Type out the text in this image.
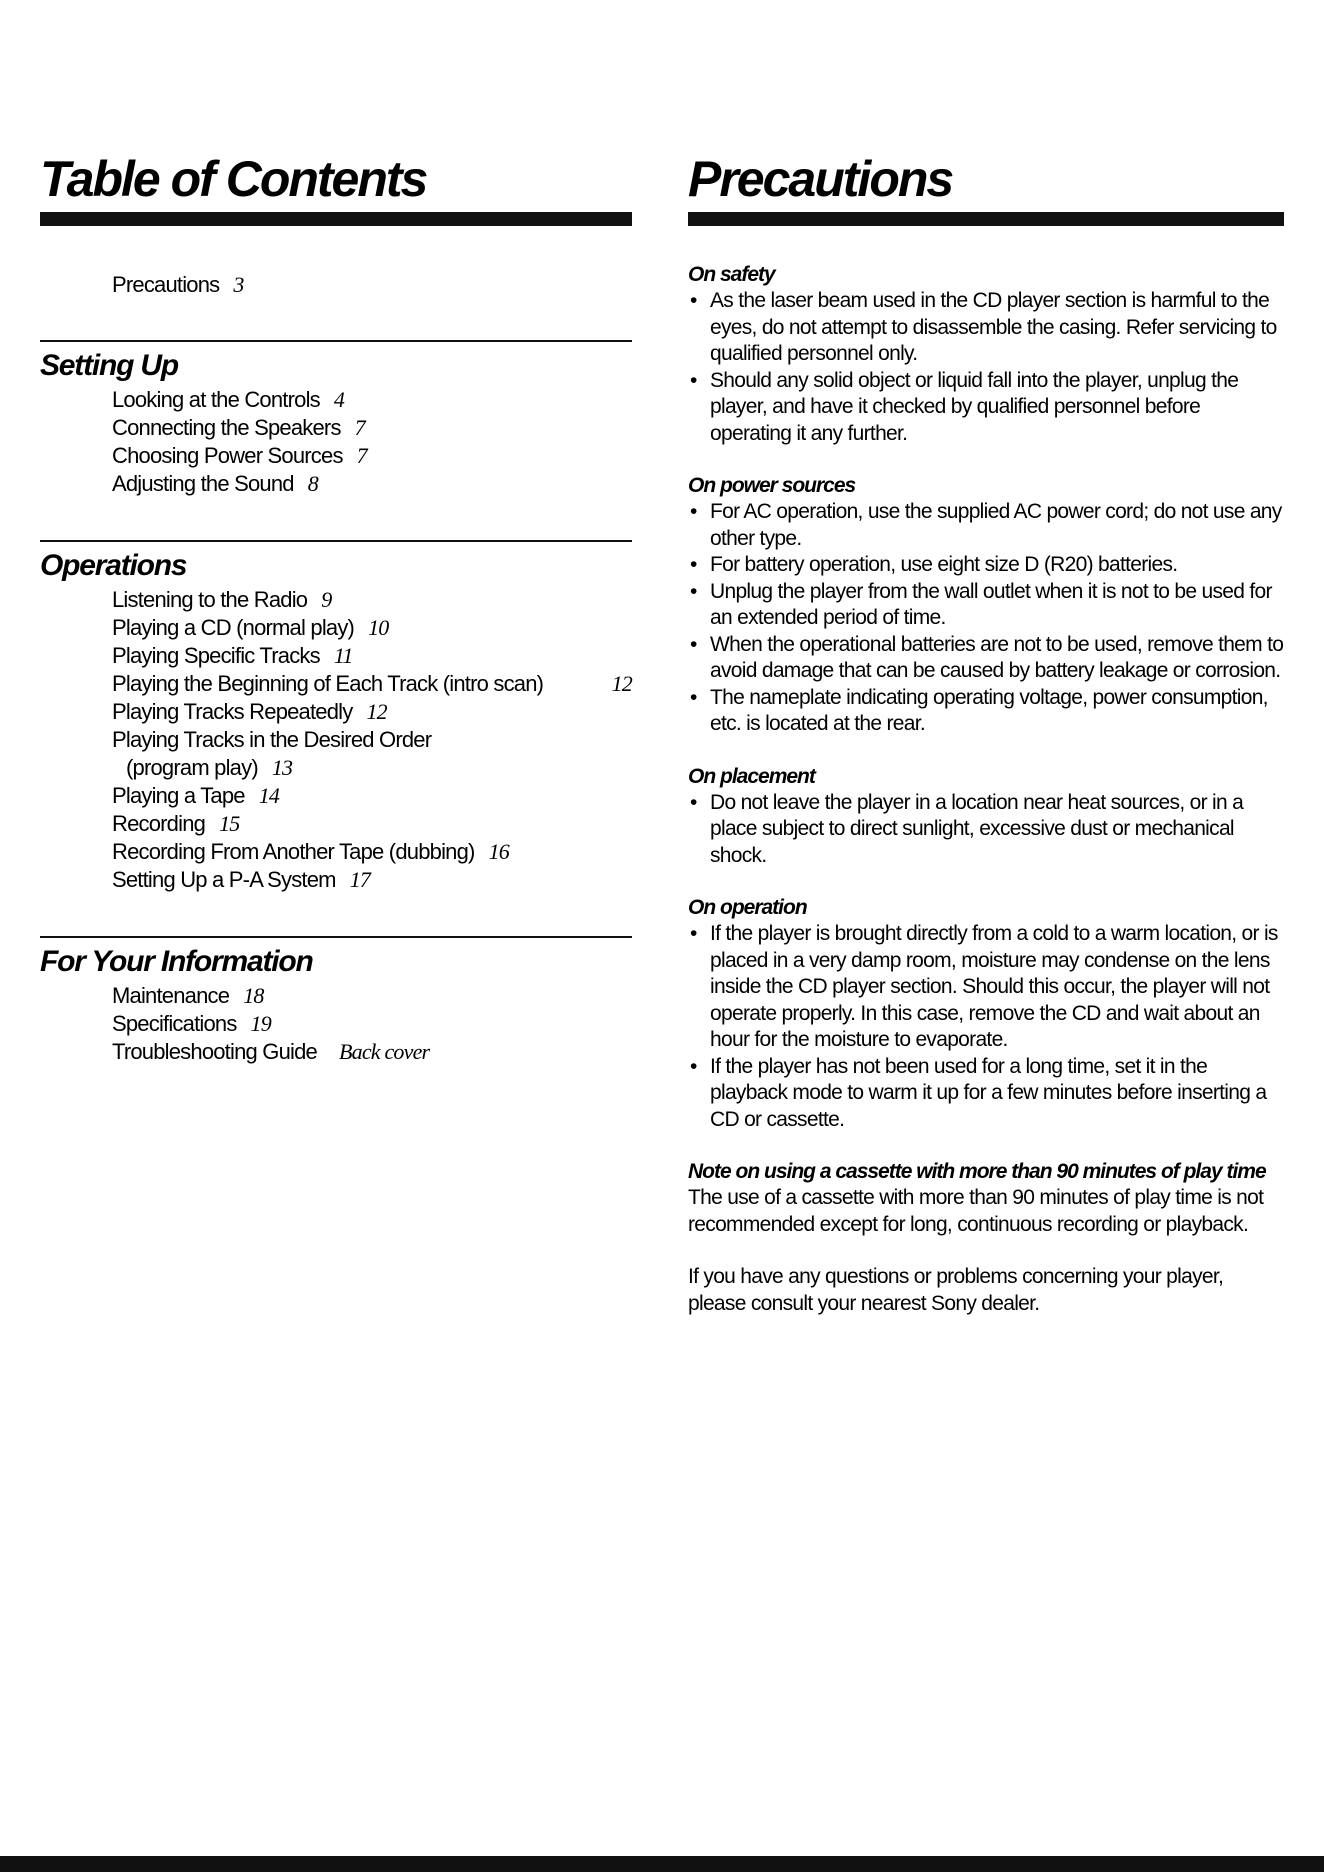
Table of Contents
Precautions 3
Setting Up
Looking at the Controls 4
Connecting the Speakers 7
Choosing Power Sources 7
Adjusting the Sound 8
Operations
Listening to the Radio 9
Playing a CD (normal play) 10
Playing Specific Tracks 11
Playing the Beginning of Each Track (intro scan)	12
Playing Tracks Repeatedly 12
Playing Tracks in the Desired Order
(program play) 13
Playing a Tape 14
Recording 15
Recording From Another Tape (dubbing) 16
Setting Up a P-A System 17
For Your Information
Maintenance 18
Specifications 19
Troubleshooting Guide Back cover
Precautions
On safety
• As the laser beam used in the CD player section is harmful to the eyes, do not attempt to disassemble the casing. Refer servicing to qualified personnel only.
• Should any solid object or liquid fall into the player, unplug the player, and have it checked by qualified personnel before operating it any further.
On power sources
• For AC operation, use the supplied AC power cord; do not use any other type.
• For battery operation, use eight size D (R20) batteries.
• Unplug the player from the wall outlet when it is not to be used for an extended period of time.
• When the operational batteries are not to be used, remove them to avoid damage that can be caused by battery leakage or corrosion.
• The nameplate indicating operating voltage, power consumption, etc. is located at the rear.
On placement
• Do not leave the player in a location near heat sources, or in a place subject to direct sunlight, excessive dust or mechanical shock.
On operation
• If the player is brought directly from a cold to a warm location, or is placed in a very damp room, moisture may condense on the lens inside the CD player section. Should this occur, the player will not operate properly. In this case, remove the CD and wait about an hour for the moisture to evaporate.
• If the player has not been used for a long time, set it in the playback mode to warm it up for a few minutes before inserting a CD or cassette.
Note on using a cassette with more than 90 minutes of play time

The use of a cassette with more than 90 minutes of play time is not recommended except for long, continuous recording or playback.

If you have any questions or problems concerning your player, please consult your nearest Sony dealer.
